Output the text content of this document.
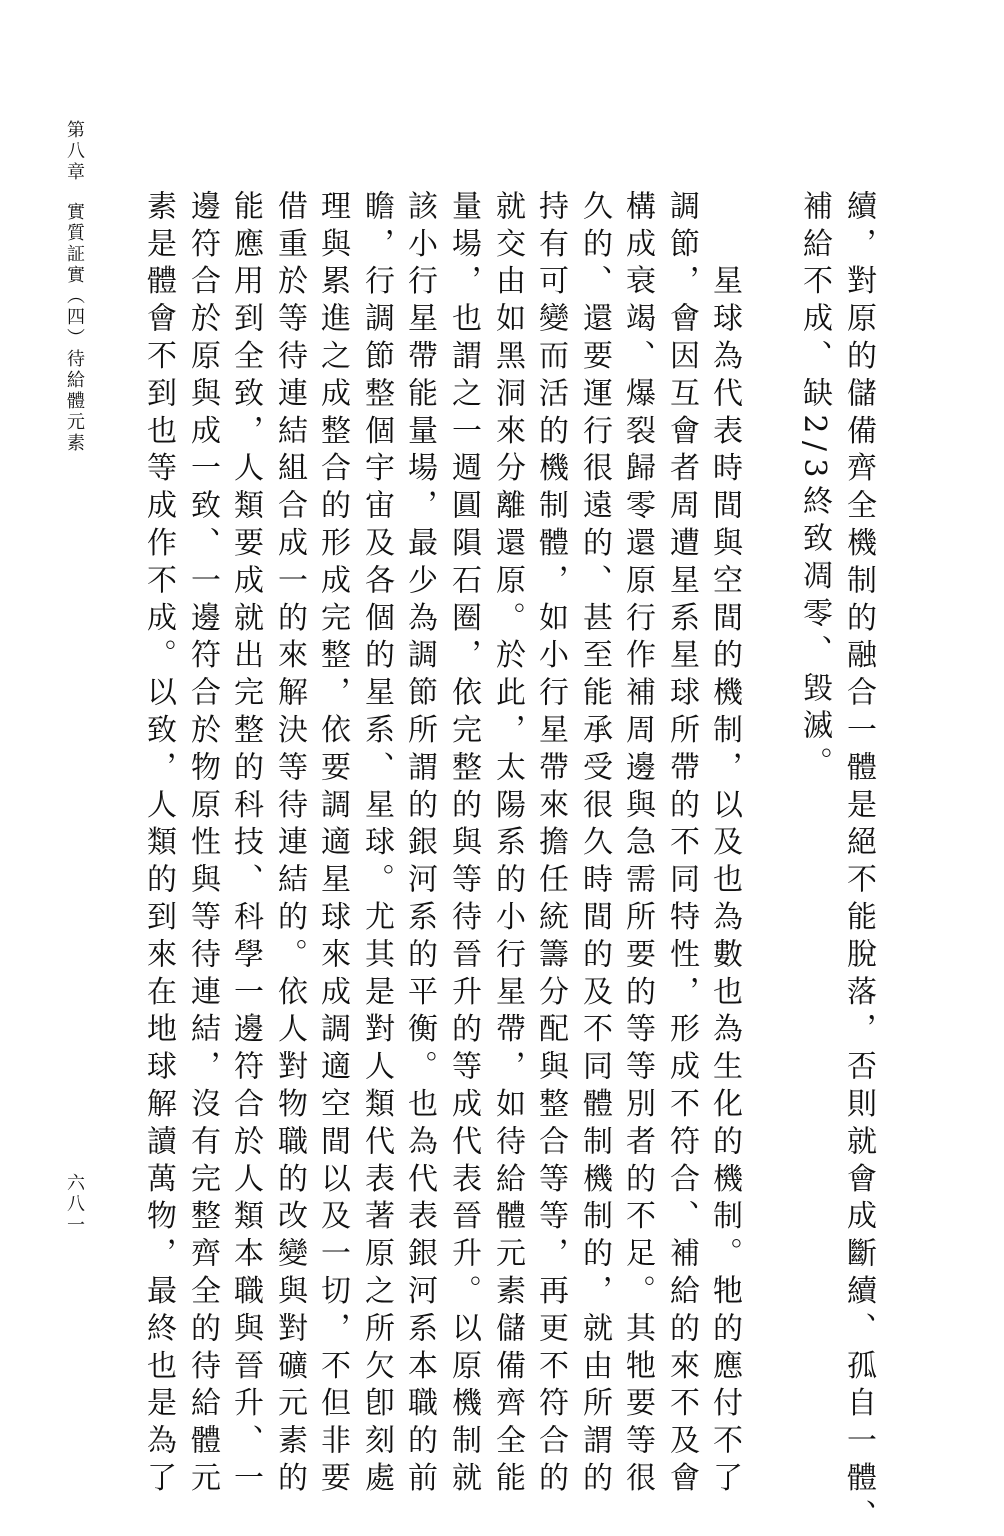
第八章
實質証實（四）待給體元素
六八一	續，對原的儲備齊全機制的融合一體是絕不能脫落，否則就會成斷續、孤自一體、

補給不成、缺2/3終致凋零、毀滅。

　　星球為代表時間與空間的機制，以及也為數也為生化的機制。牠的應付不了

調節，會因互會者周遭星系星球所帶的不同特性，形成不符合、補給的來不及會

構成衰竭、爆裂歸零還原行作補周邊與急需所要的等等別者的不足。其牠要等很

久的、還要運行很遠的、甚至能承受很久時間的及不同體制機制的，就由所謂的

持有可變而活的機制體，如小行星帶來擔任統籌分配與整合等等，再更不符合的

就交由如黑洞來分離還原。於此，太陽系的小行星帶，如待給體元素儲備齊全能

量場，也謂之一週圓隕石圈，依完整的與等待晉升的等成代表晉升。以原機制就

該小行星帶能量場，最少為調節所謂的銀河系的平衡。也為代表銀河系本職的前

瞻，行調節整個宇宙及各個的星系、星球。尤其是對人類代表著原之所欠卽刻處

理與累進之成整合的形成完整，依要調適星球來成調適空間以及一切，不但非要

借重於等待連結組合成一的來解決等待連結的。依人對物職的改變與對礦元素的

能應用到全致，人類要成就出完整的科技、科學一邊符合於人類本職與晉升、一

邊符合於原與成一致、一邊符合於物原性與等待連結，沒有完整齊全的待給體元

素是體會不到也等成作不成。以致，人類的到來在地球解讀萬物，最終也是為了
